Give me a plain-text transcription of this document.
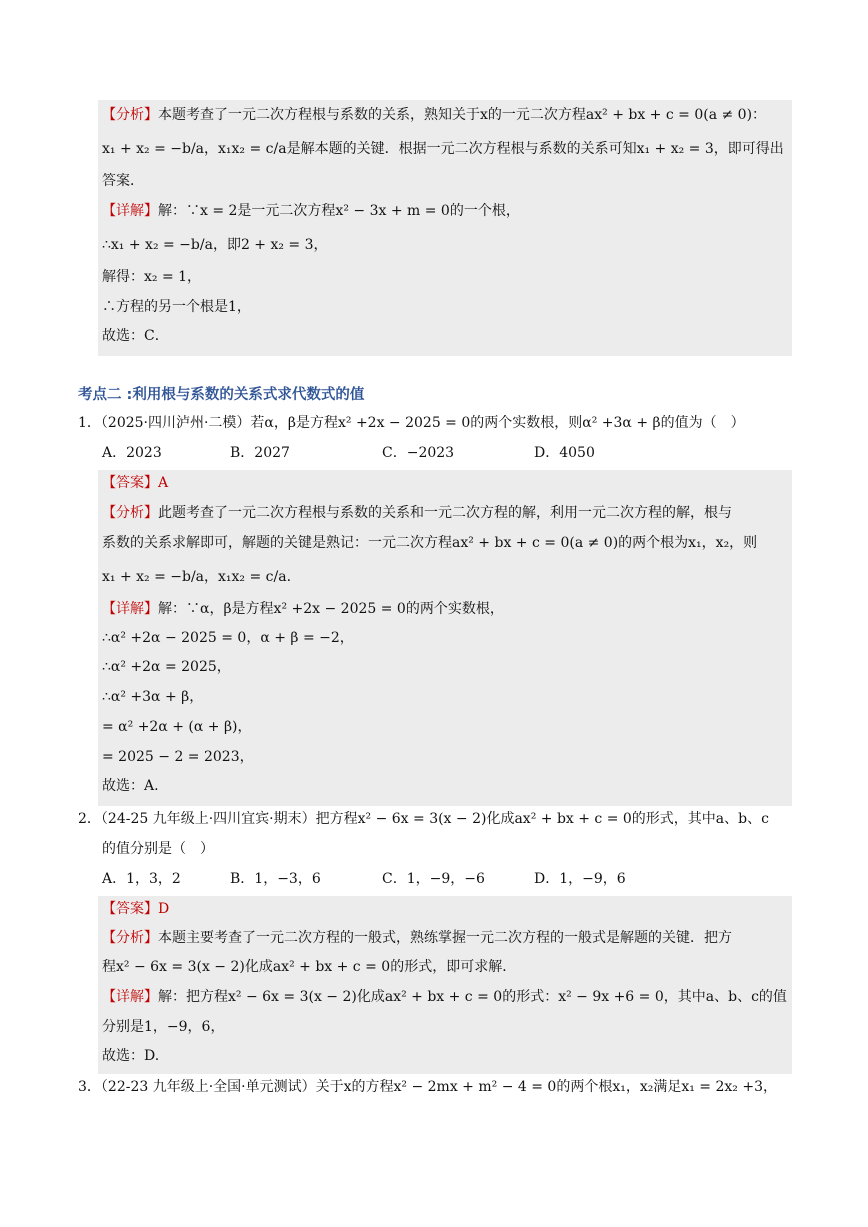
【分析】本题考查了一元二次方程根与系数的关系，熟知关于x的一元二次方程ax² + bx + c = 0(a ≠ 0)：
x₁ + x₂ = −b/a，x₁x₂ = c/a是解本题的关键．根据一元二次方程根与系数的关系可知x₁ + x₂ = 3，即可得出
答案．
【详解】解：∵x = 2是一元二次方程x² − 3x + m = 0的一个根，
∴x₁ + x₂ = −b/a，即2 + x₂ = 3，
解得：x₂ = 1，
∴方程的另一个根是1，
故选：C．
考点二 :利用根与系数的关系式求代数式的值
1．（2025·四川泸州·二模）若α，β是方程x² +2x − 2025 = 0的两个实数根，则α² +3α + β的值为（　）
A．2023	B．2027	C．−2023	D．4050
【答案】A
【分析】此题考查了一元二次方程根与系数的关系和一元二次方程的解，利用一元二次方程的解，根与
系数的关系求解即可，解题的关键是熟记：一元二次方程ax² + bx + c = 0(a ≠ 0)的两个根为x₁，x₂，则
x₁ + x₂ = −b/a，x₁x₂ = c/a.
【详解】解：∵α，β是方程x² +2x − 2025 = 0的两个实数根，
∴α² +2α − 2025 = 0，α + β = −2，
∴α² +2α = 2025，
∴α² +3α + β，
= α² +2α + (α + β)，
= 2025 − 2 = 2023，
故选：A.
2．（24-25 九年级上·四川宜宾·期末）把方程x² − 6x = 3(x − 2)化成ax² + bx + c = 0的形式，其中a、b、c
的值分别是（　）
A．1，3，2	B．1，−3，6	C．1，−9，−6	D．1，−9，6
【答案】D
【分析】本题主要考查了一元二次方程的一般式，熟练掌握一元二次方程的一般式是解题的关键．把方
程x² − 6x = 3(x − 2)化成ax² + bx + c = 0的形式，即可求解．
【详解】解：把方程x² − 6x = 3(x − 2)化成ax² + bx + c = 0的形式：x² − 9x +6 = 0，其中a、b、c的值
分别是1，−9，6，
故选：D.
3．（22-23 九年级上·全国·单元测试）关于x的方程x² − 2mx + m² − 4 = 0的两个根x₁，x₂满足x₁ = 2x₂ +3，
